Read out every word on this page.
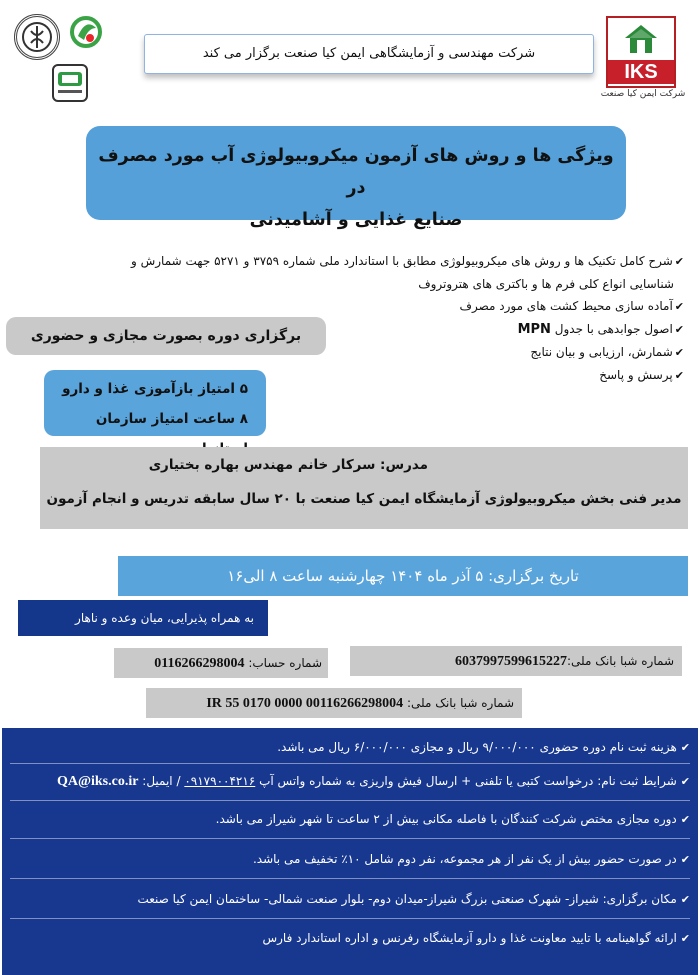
IKS
شرکت ایمن کیا صنعت
شرکت مهندسی و آزمایشگاهی ایمن کیا صنعت برگزار می کند
ویژگی ها و روش های آزمون میکروبیولوژی آب مورد مصرف در
صنایع غذایی و آشامیدنی
✔شرح کامل تکنیک ها و روش های میکروبیولوژی مطابق با استاندارد ملی شماره ۳۷۵۹ و ۵۲۷۱ جهت شمارش و
شناسایی انواع کلی فرم ها و باکتری های هتروتروف
✔آماده سازی محیط کشت های مورد مصرف
✔اصول جوابدهی با جدول MPN
✔شمارش، ارزیابی و بیان نتایج
✔پرسش و پاسخ
برگزاری دوره بصورت مجازی و حضوری
۵ امتیاز بازآموزی غذا و دارو
۸ ساعت امتیاز سازمان
مدرس: سرکار خانم مهندس بهاره بختیاری
مدیر فنی بخش میکروبیولوژی آزمایشگاه ایمن کیا صنعت با ۲۰ سال سابقه تدریس و انجام آزمون
تاریخ برگزاری: ۵ آذر ماه ۱۴۰۴ چهارشنبه ساعت ۸ الی۱۶
به همراه پذیرایی، میان وعده و ناهار
شماره شبا بانک ملی:6037997599615227
شماره حساب: 0116266298004
شماره شبا بانک ملی: IR 55 0170 0000 00116266298004
✔هزینه ثبت نام دوره حضوری ۹/۰۰۰/۰۰۰ ریال و مجازی ۶/۰۰۰/۰۰۰ ریال می باشد.
✔شرایط ثبت نام: درخواست کتبی یا تلفنی + ارسال فیش واریزی به شماره واتس آپ ۰۹۱۷۹۰۰۴۲۱۶ / ایمیل: QA@iks.co.ir
✔دوره مجازی مختص شرکت کنندگان با فاصله مکانی بیش از ۲ ساعت تا شهر شیراز می باشد.
✔در صورت حضور بیش از یک نفر از هر مجموعه، نفر دوم شامل ۱۰٪ تخفیف می باشد.
✔مکان برگزاری: شیراز- شهرک صنعتی بزرگ شیراز-میدان دوم- بلوار صنعت شمالی- ساختمان ایمن کیا صنعت
✔ارائه گواهینامه با تایید معاونت غذا و دارو آزمایشگاه رفرنس و اداره استاندارد فارس
